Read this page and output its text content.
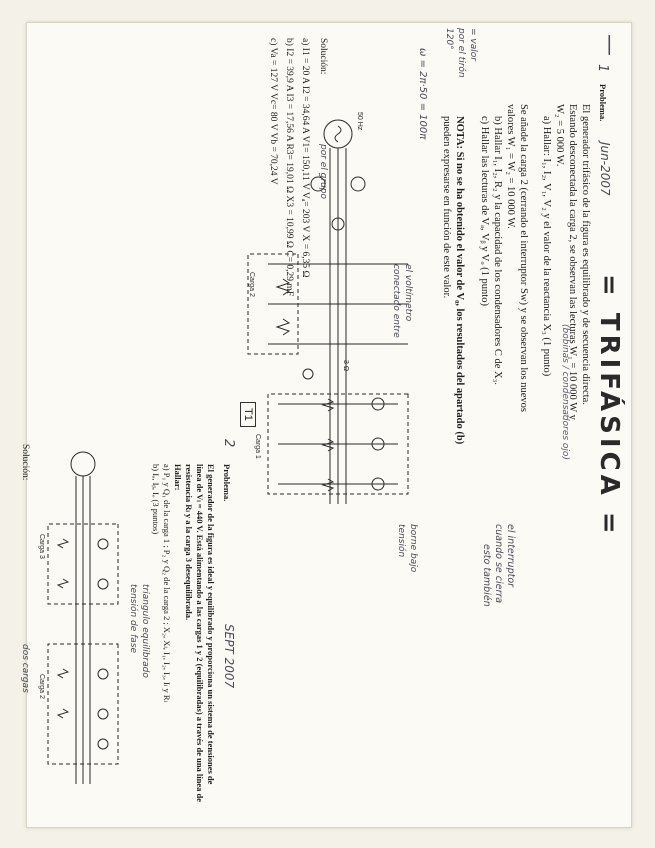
—
= TRIFÁSICA =
1
Problema.
Jun-2007
El generador trifásico de la figura es equilibrado y de secuencia directa.
Estando desconectada la carga 2, se observan las lecturas W₁ = 10 000 W y
W₂ = 5 000 W.
a) Hallar: I₁, I₂, V₁, V₂ y el valor de la reactancia X₃ (1 punto)
(bobinas / condensadores ojo)
Se añade la carga 2 (cerrando el interruptor Sw) y se observan los nuevos
valores W₁ = W₂ = 10 000 W.
b) Hallar I₁, I₂, R₂ y la capacidad de los condensadores C de X₃.
c) Hallar las lecturas de Vₐ, Vᵦ y Vₒ (1 punto)
el interruptor
cuando se cierra
esto también
NOTA: Si no se ha obtenido el valor de V₀, los resultados del apartado (b)
pueden expresarse en función de este valor.
= valor
por el tirón
120°
ω = 2π·50 = 100π
50 Hz
Carga 2
Carga 1
3 Ω
el voltímetro
conectado entre
borne bajo
tensión
Solución:
a) I1 = 20 A I2 = 34,64 A V1= 150,11 V Vₐ= 203 V X = 6,35 Ω
b) I2 = 39,9 A I3 = 17,56 A R3= 19,01 Ω X3 = 10,99 Ω C= 0,29 mF
c) Va = 127 V Vc= 80 V Vb = 70,24 V	por el grupo
T1
2
Problema.
SEPT 2007
El generador de la figura es ideal y equilibrado y proporciona un sistema de tensiones de
línea de Vₗ = 440 V. Está alimentando a las cargas 1 y 2 (equilibradas) a través de una línea de
resistencia Rₗ y a la carga 3 desequilibrada.
Hallar:
a) P₁ y Q₁ de la carga 1 ; P₂ y Q₂ de la carga 2 ; X₂, Xₗ, I₁, I₂, I₃, Iₗ y Rₗ
b) Iₐ, Iᵦ, Iₒ (3 puntos)
triangulo equilibrado
tensión de fase
Carga 3
Carga 2
Solución:
dos cargas
